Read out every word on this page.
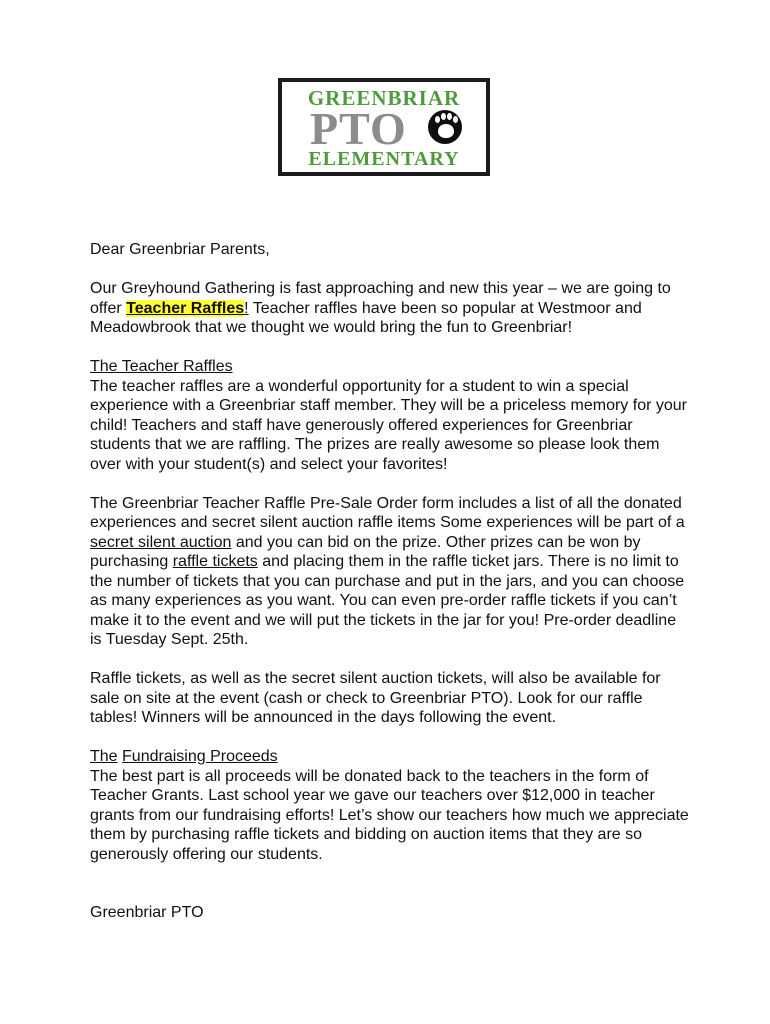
GREENBRIAR
PTO
ELEMENTARY

Dear Greenbriar Parents,

Our Greyhound Gathering is fast approaching and new this year – we are going to offer Teacher Raffles! Teacher raffles have been so popular at Westmoor and Meadowbrook that we thought we would bring the fun to Greenbriar!

The Teacher Raffles

The teacher raffles are a wonderful opportunity for a student to win a special experience with a Greenbriar staff member. They will be a priceless memory for your child! Teachers and staff have generously offered experiences for Greenbriar students that we are raffling. The prizes are really awesome so please look them over with your student(s) and select your favorites!

The Greenbriar Teacher Raffle Pre-Sale Order form includes a list of all the donated experiences and secret silent auction raffle items Some experiences will be part of a secret silent auction and you can bid on the prize. Other prizes can be won by purchasing raffle tickets and placing them in the raffle ticket jars. There is no limit to the number of tickets that you can purchase and put in the jars, and you can choose as many experiences as you want. You can even pre-order raffle tickets if you can’t make it to the event and we will put the tickets in the jar for you! Pre-order deadline is Tuesday Sept. 25th.

Raffle tickets, as well as the secret silent auction tickets, will also be available for sale on site at the event (cash or check to Greenbriar PTO). Look for our raffle tables! Winners will be announced in the days following the event.

The Fundraising Proceeds

The best part is all proceeds will be donated back to the teachers in the form of Teacher Grants. Last school year we gave our teachers over $12,000 in teacher grants from our fundraising efforts! Let’s show our teachers how much we appreciate them by purchasing raffle tickets and bidding on auction items that they are so generously offering our students.

Greenbriar PTO
